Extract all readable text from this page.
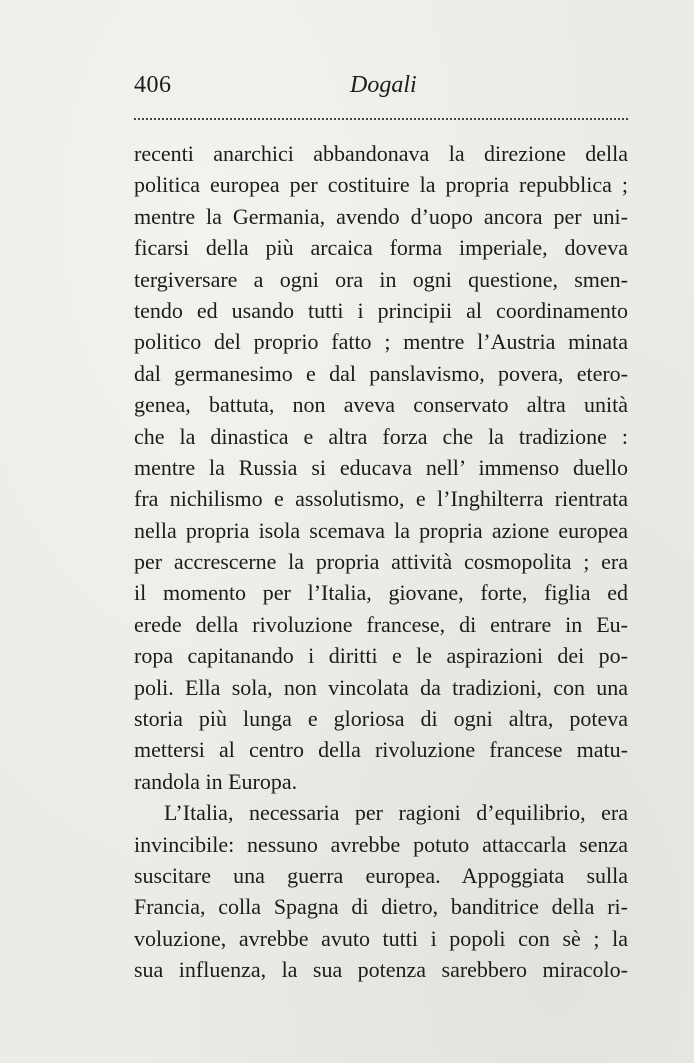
406	Dogali
recenti anarchici abbandonava la direzione della
politica europea per costituire la propria repubblica ;
mentre la Germania, avendo d’uopo ancora per uni-
ficarsi della più arcaica forma imperiale, doveva
tergiversare a ogni ora in ogni questione, smen-
tendo ed usando tutti i principii al coordinamento
politico del proprio fatto ; mentre l’Austria minata
dal germanesimo e dal panslavismo, povera, etero-
genea, battuta, non aveva conservato altra unità
che la dinastica e altra forza che la tradizione :
mentre la Russia si educava nell’ immenso duello
fra nichilismo e assolutismo, e l’Inghilterra rientrata
nella propria isola scemava la propria azione europea
per accrescerne la propria attività cosmopolita ; era
il momento per l’Italia, giovane, forte, figlia ed
erede della rivoluzione francese, di entrare in Eu-
ropa capitanando i diritti e le aspirazioni dei po-
poli. Ella sola, non vincolata da tradizioni, con una
storia più lunga e gloriosa di ogni altra, poteva
mettersi al centro della rivoluzione francese matu-
randola in Europa.
L’Italia, necessaria per ragioni d’equilibrio, era
invincibile: nessuno avrebbe potuto attaccarla senza
suscitare una guerra europea. Appoggiata sulla
Francia, colla Spagna di dietro, banditrice della ri-
voluzione, avrebbe avuto tutti i popoli con sè ; la
sua influenza, la sua potenza sarebbero miracolo-
